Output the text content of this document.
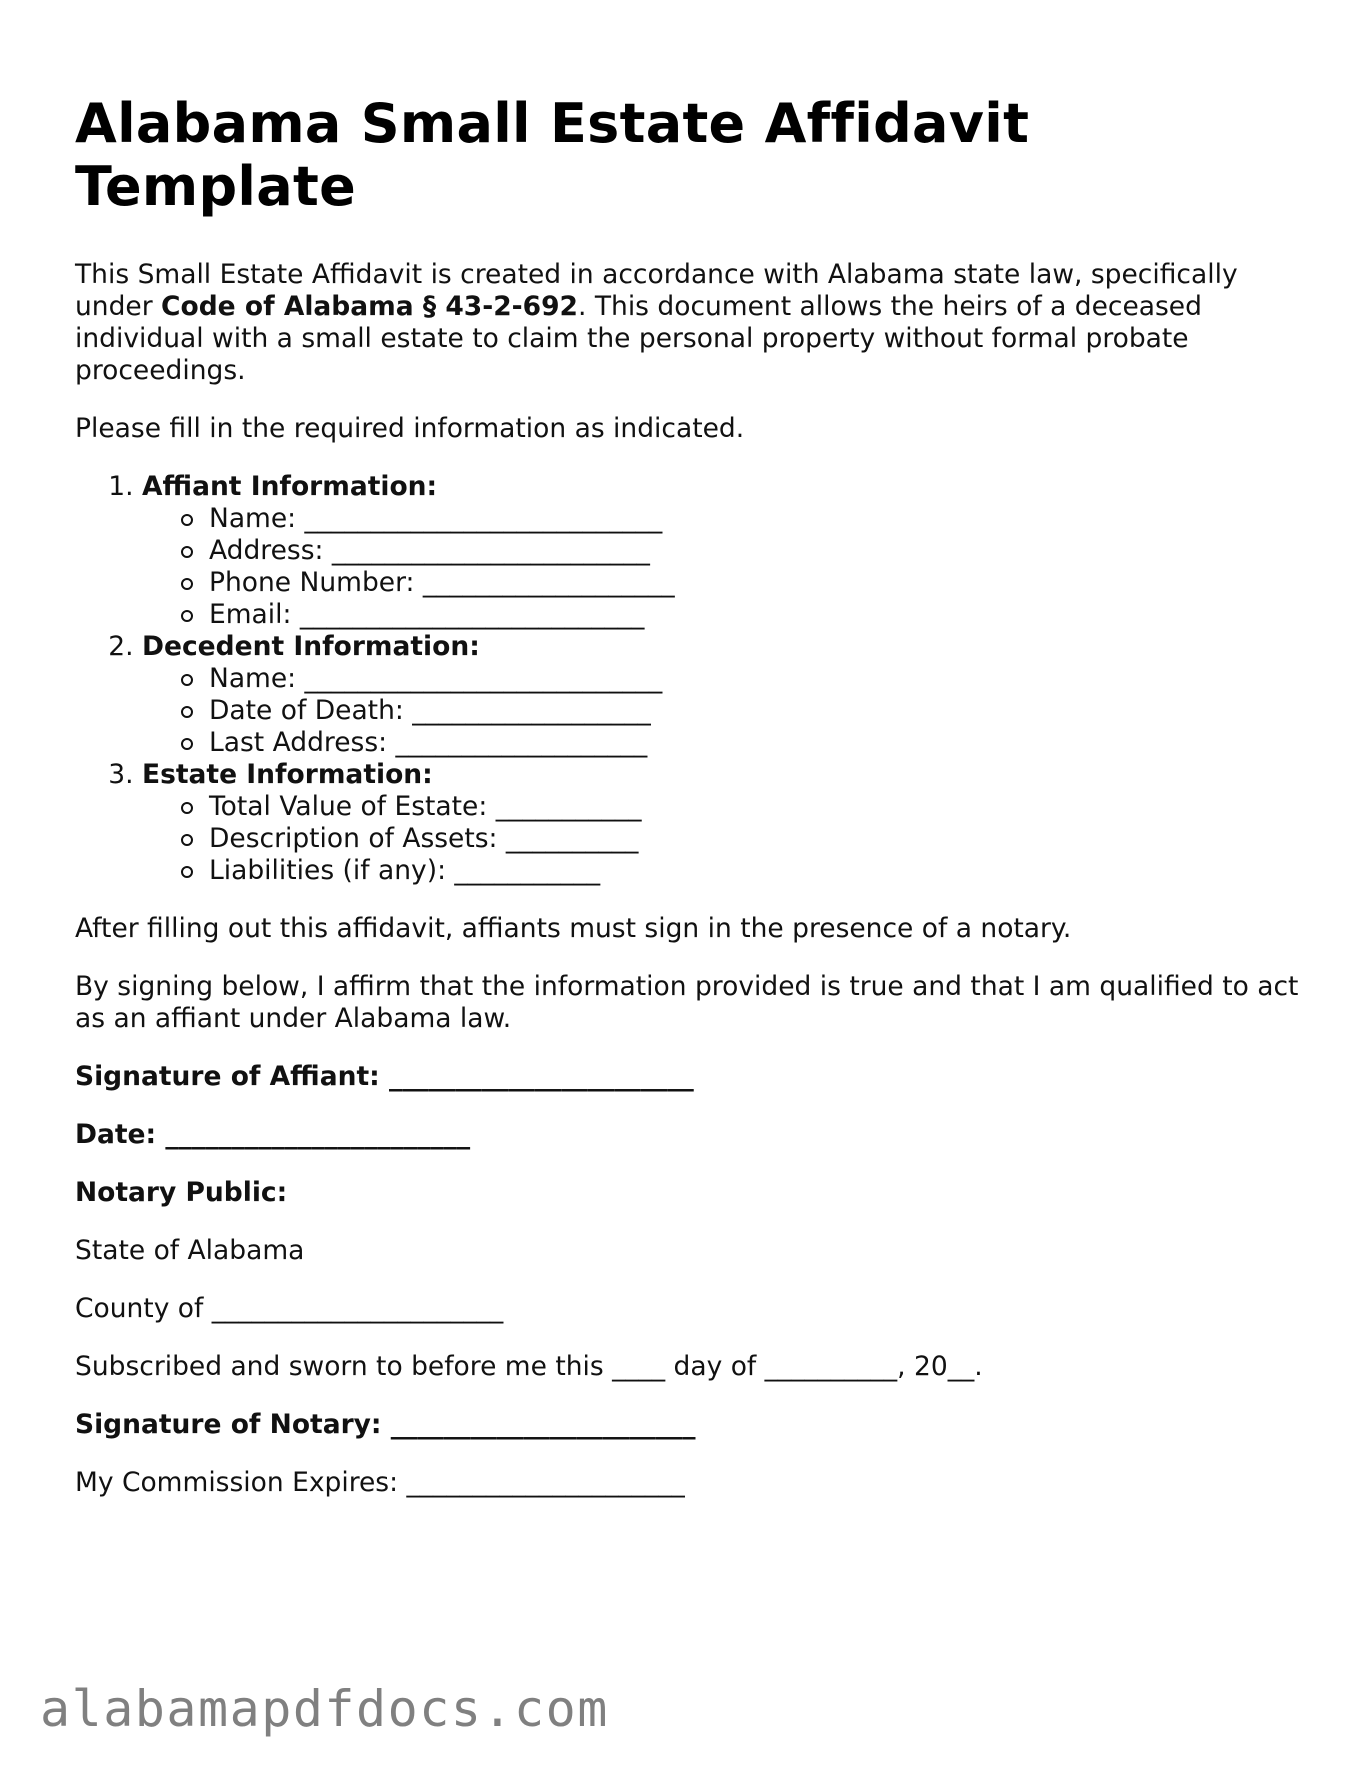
Alabama Small Estate Affidavit Template

This Small Estate Affidavit is created in accordance with Alabama state law, specifically under Code of Alabama § 43-2-692. This document allows the heirs of a deceased individual with a small estate to claim the personal property without formal probate proceedings.

Please fill in the required information as indicated.

1. Affiant Information:
Name: ___________________________
Address: ________________________
Phone Number: ___________________
Email: __________________________
2. Decedent Information:
Name: ___________________________
Date of Death: __________________
Last Address: ___________________
3. Estate Information:
Total Value of Estate: ___________
Description of Assets: __________
Liabilities (if any): ___________

After filling out this affidavit, affiants must sign in the presence of a notary.

By signing below, I affirm that the information provided is true and that I am qualified to act as an affiant under Alabama law.

Signature of Affiant: _______________________

Date: _______________________

Notary Public:

State of Alabama

County of ______________________

Subscribed and sworn to before me this ____ day of __________, 20__.

Signature of Notary: _______________________

My Commission Expires: _____________________

alabamapdfdocs.com
